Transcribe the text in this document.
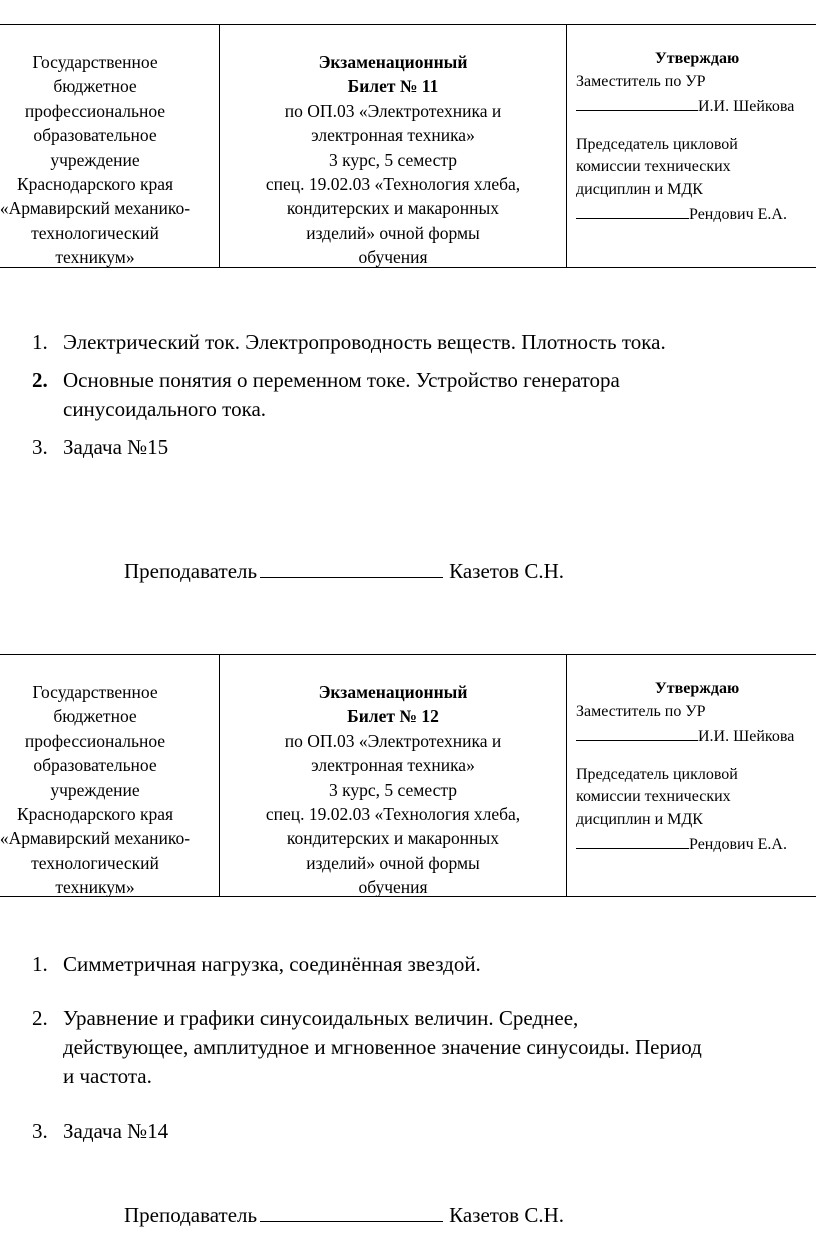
Государственное
бюджетное
профессиональное
образовательное
учреждение
Краснодарского края
«Армавирский механико-
технологический
техникум»
Экзаменационный
Билет № 11
по ОП.03 «Электротехника и
электронная техника»
3 курс, 5 семестр
спец. 19.02.03 «Технология хлеба,
кондитерских и макаронных
изделий» очной формы
обучения
Утверждаю
Заместитель по УР
И.И. Шейкова
Председатель цикловой
комиссии технических
дисциплин и МДК
Рендович Е.А.
1. Электрический ток. Электропроводность веществ. Плотность тока.
2. Основные понятия о переменном токе. Устройство генератора
синусоидального тока.
3. Задача №15
Преподаватель	Казетов С.Н.
Государственное
бюджетное
профессиональное
образовательное
учреждение
Краснодарского края
«Армавирский механико-
технологический
техникум»
Экзаменационный
Билет № 12
по ОП.03 «Электротехника и
электронная техника»
3 курс, 5 семестр
спец. 19.02.03 «Технология хлеба,
кондитерских и макаронных
изделий» очной формы
обучения
Утверждаю
Заместитель по УР
И.И. Шейкова
Председатель цикловой
комиссии технических
дисциплин и МДК
Рендович Е.А.
1. Симметричная нагрузка, соединённая звездой.
2. Уравнение и графики синусоидальных величин. Среднее,
действующее, амплитудное и мгновенное значение синусоиды. Период
и частота.
3. Задача №14
Преподаватель	Казетов С.Н.
